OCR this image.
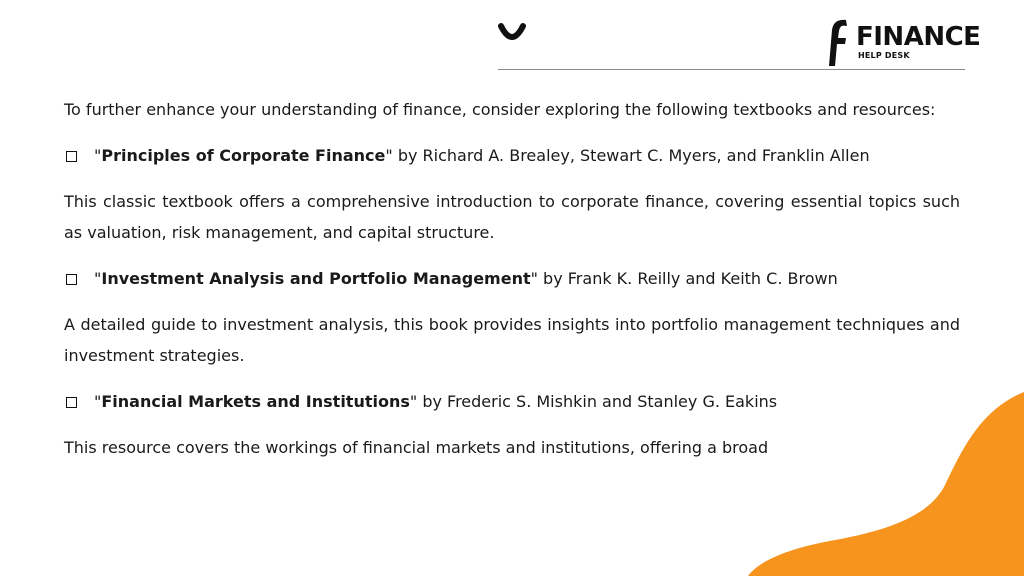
FINANCE
HELP DESK

To further enhance your understanding of finance, consider exploring the following textbooks and resources:

"Principles of Corporate Finance" by Richard A. Brealey, Stewart C. Myers, and Franklin Allen

This classic textbook offers a comprehensive introduction to corporate finance, covering essential topics such as valuation, risk management, and capital structure.

"Investment Analysis and Portfolio Management" by Frank K. Reilly and Keith C. Brown

A detailed guide to investment analysis, this book provides insights into portfolio management techniques and investment strategies.

"Financial Markets and Institutions" by Frederic S. Mishkin and Stanley G. Eakins

This resource covers the workings of financial markets and institutions, offering a broad
